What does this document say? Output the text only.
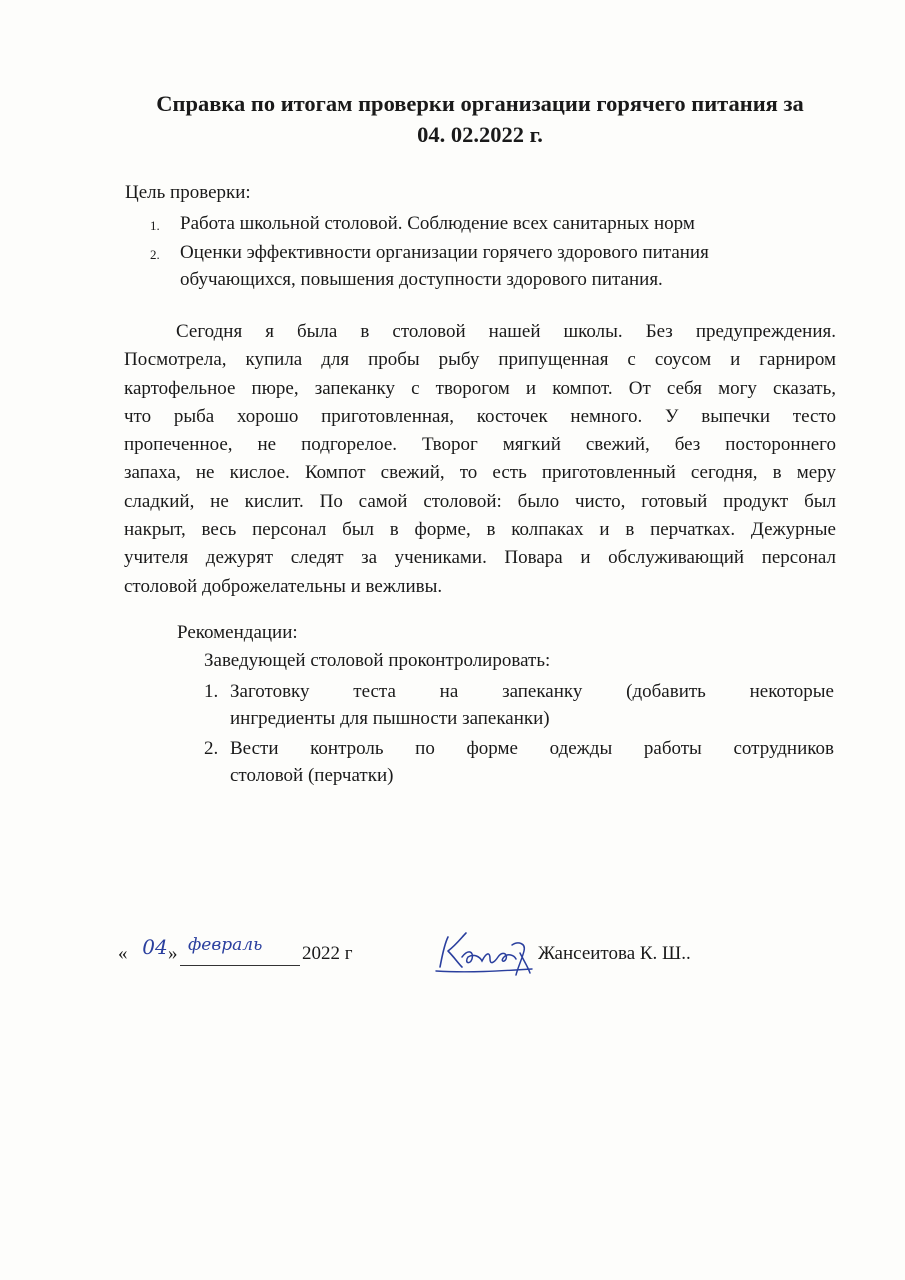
Справка по итогам проверки организации горячего питания за
04. 02.2022 г.
Цель проверки:
1. Работа школьной столовой. Соблюдение всех санитарных норм
2. Оценки эффективности организации горячего здорового питания
обучающихся, повышения доступности здорового питания.
Сегодня я была в столовой нашей школы. Без предупреждения.
Посмотрела, купила для пробы рыбу припущенная с соусом и гарниром
картофельное пюре, запеканку с творогом и компот. От себя могу сказать,
что рыба хорошо приготовленная, косточек немного. У выпечки тесто
пропеченное, не подгорелое. Творог мягкий свежий, без постороннего
запаха, не кислое. Компот свежий, то есть приготовленный сегодня, в меру
сладкий, не кислит. По самой столовой: было чисто, готовый продукт был
накрыт, весь персонал был в форме, в колпаках и в перчатках. Дежурные
учителя дежурят следят за учениками. Повара и обслуживающий персонал
столовой доброжелательны и вежливы.
Рекомендации:
Заведующей столовой проконтролировать:
1. Заготовку теста на запеканку (добавить некоторые
ингредиенты для пышности запеканки)
2. Вести контроль по форме одежды работы сотрудников
столовой (перчатки)
« 04 » февраль 2022 г	Жансеитова К. Ш..
